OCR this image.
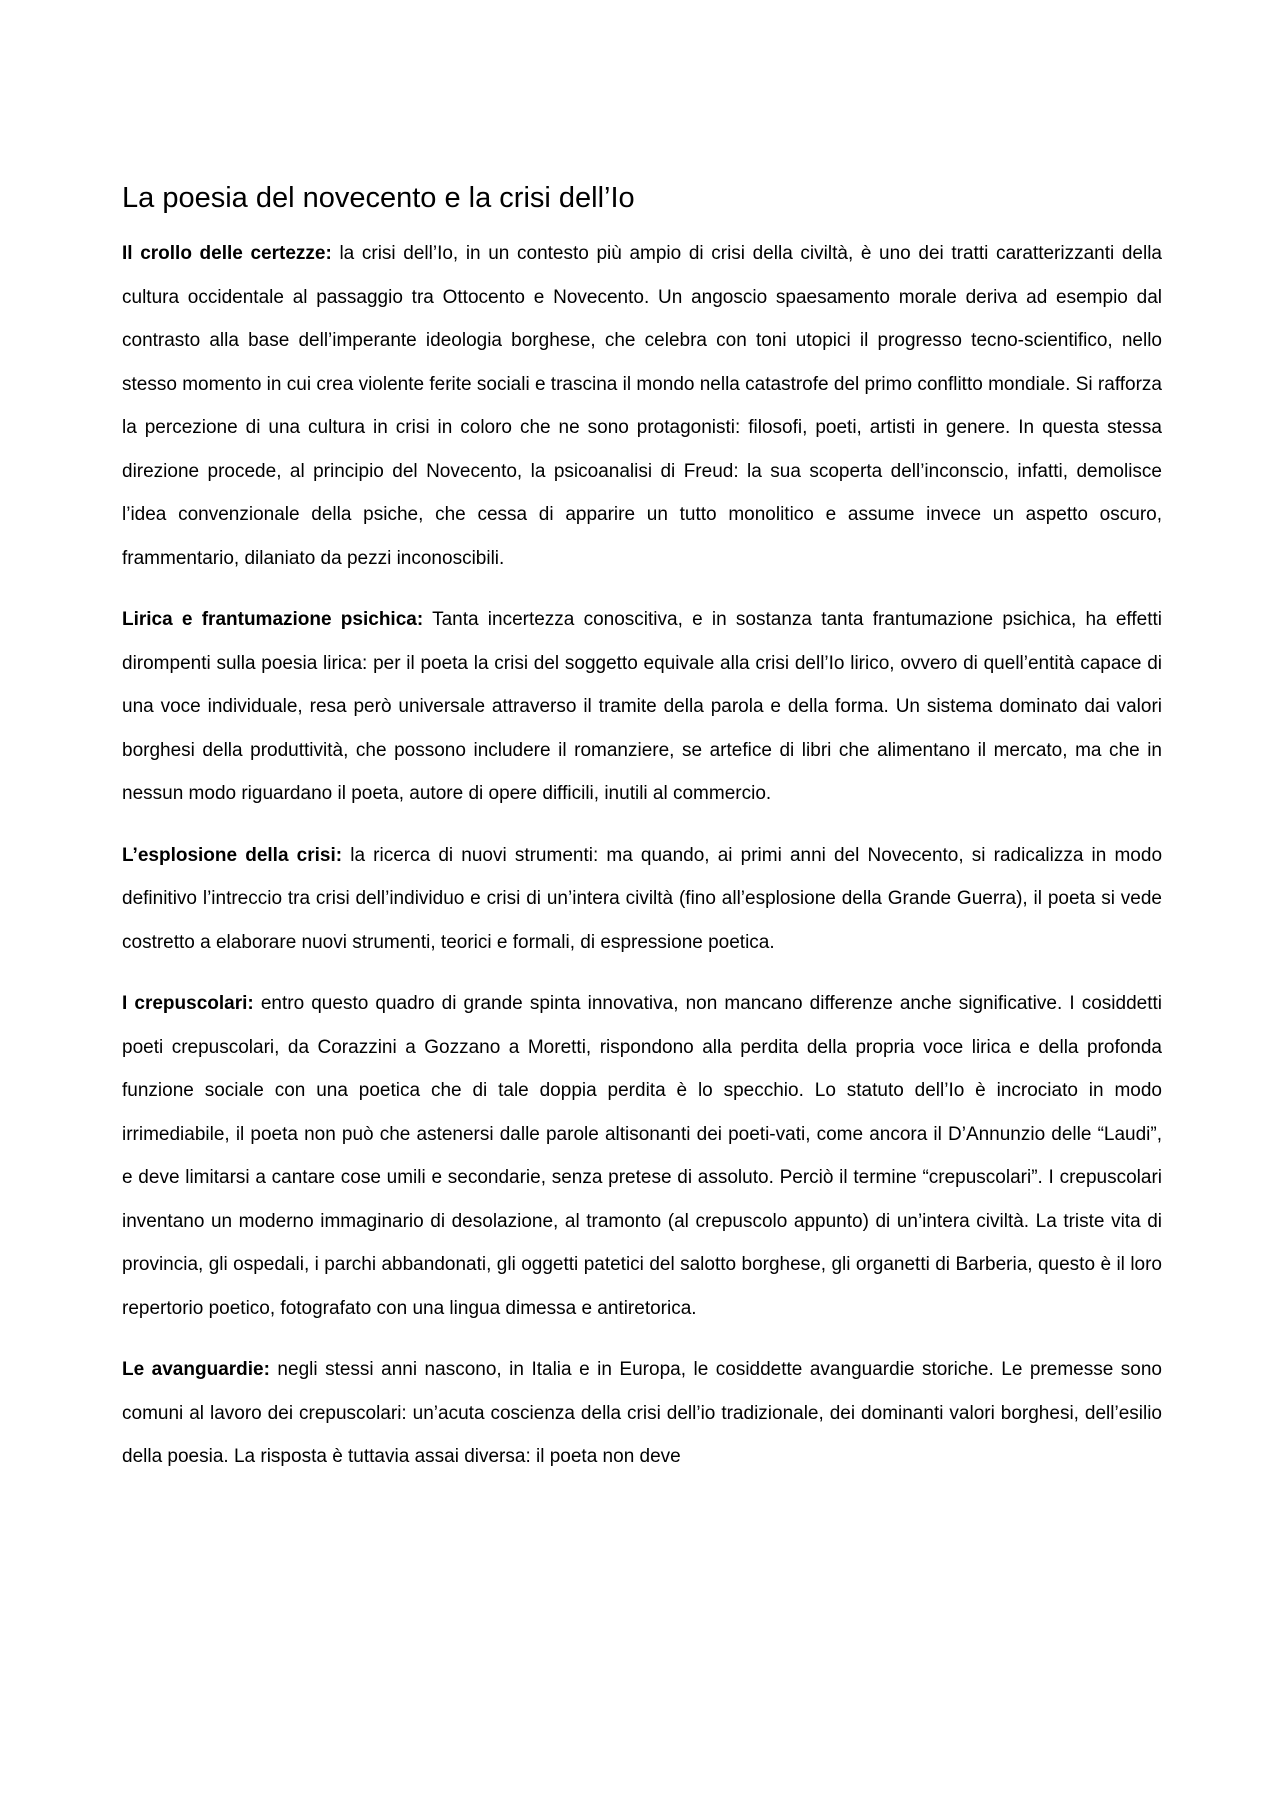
La poesia del novecento e la crisi dell’Io

Il crollo delle certezze: la crisi dell’Io, in un contesto più ampio di crisi della civiltà, è uno dei tratti caratterizzanti della cultura occidentale al passaggio tra Ottocento e Novecento. Un angoscio spaesamento morale deriva ad esempio dal contrasto alla base dell’imperante ideologia borghese, che celebra con toni utopici il progresso tecno-scientifico, nello stesso momento in cui crea violente ferite sociali e trascina il mondo nella catastrofe del primo conflitto mondiale. Si rafforza la percezione di una cultura in crisi in coloro che ne sono protagonisti: filosofi, poeti, artisti in genere. In questa stessa direzione procede, al principio del Novecento, la psicoanalisi di Freud: la sua scoperta dell’inconscio, infatti, demolisce l’idea convenzionale della psiche, che cessa di apparire un tutto monolitico e assume invece un aspetto oscuro, frammentario, dilaniato da pezzi inconoscibili.

Lirica e frantumazione psichica: Tanta incertezza conoscitiva, e in sostanza tanta frantumazione psichica, ha effetti dirompenti sulla poesia lirica: per il poeta la crisi del soggetto equivale alla crisi dell’Io lirico, ovvero di quell’entità capace di una voce individuale, resa però universale attraverso il tramite della parola e della forma. Un sistema dominato dai valori borghesi della produttività, che possono includere il romanziere, se artefice di libri che alimentano il mercato, ma che in nessun modo riguardano il poeta, autore di opere difficili, inutili al commercio.

L’esplosione della crisi: la ricerca di nuovi strumenti: ma quando, ai primi anni del Novecento, si radicalizza in modo definitivo l’intreccio tra crisi dell’individuo e crisi di un’intera civiltà (fino all’esplosione della Grande Guerra), il poeta si vede costretto a elaborare nuovi strumenti, teorici e formali, di espressione poetica.

I crepuscolari: entro questo quadro di grande spinta innovativa, non mancano differenze anche significative. I cosiddetti poeti crepuscolari, da Corazzini a Gozzano a Moretti, rispondono alla perdita della propria voce lirica e della profonda funzione sociale con una poetica che di tale doppia perdita è lo specchio. Lo statuto dell’Io è incrociato in modo irrimediabile, il poeta non può che astenersi dalle parole altisonanti dei poeti-vati, come ancora il D’Annunzio delle “Laudi”, e deve limitarsi a cantare cose umili e secondarie, senza pretese di assoluto. Perciò il termine “crepuscolari”. I crepuscolari inventano un moderno immaginario di desolazione, al tramonto (al crepuscolo appunto) di un’intera civiltà. La triste vita di provincia, gli ospedali, i parchi abbandonati, gli oggetti patetici del salotto borghese, gli organetti di Barberia, questo è il loro repertorio poetico, fotografato con una lingua dimessa e antiretorica.

Le avanguardie: negli stessi anni nascono, in Italia e in Europa, le cosiddette avanguardie storiche. Le premesse sono comuni al lavoro dei crepuscolari: un’acuta coscienza della crisi dell’io tradizionale, dei dominanti valori borghesi, dell’esilio della poesia. La risposta è tuttavia assai diversa: il poeta non deve
